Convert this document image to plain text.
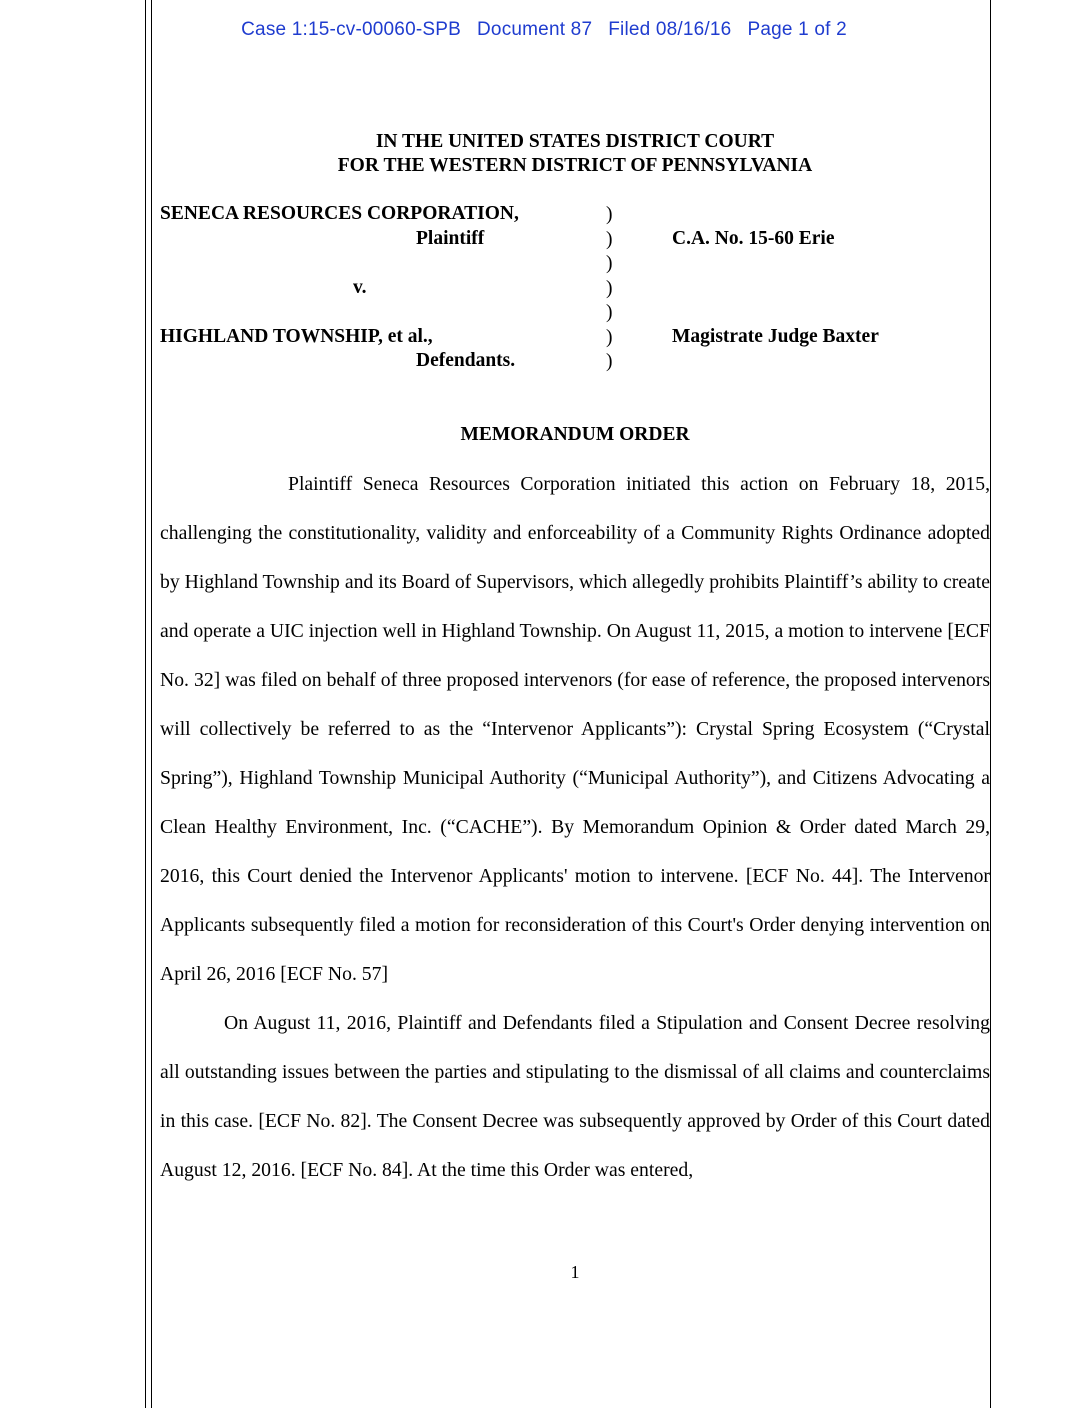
Case 1:15-cv-00060-SPB Document 87 Filed 08/16/16 Page 1 of 2
IN THE UNITED STATES DISTRICT COURT
FOR THE WESTERN DISTRICT OF PENNSYLVANIA
SENECA RESOURCES CORPORATION,
Plaintiff
v.
HIGHLAND TOWNSHIP, et al.,
Defendants.
)
)
)
)
)
)
)
C.A. No. 15-60 Erie
Magistrate Judge Baxter
MEMORANDUM ORDER

Plaintiff Seneca Resources Corporation initiated this action on February 18, 2015, challenging the constitutionality, validity and enforceability of a Community Rights Ordinance adopted by Highland Township and its Board of Supervisors, which allegedly prohibits Plaintiff’s ability to create and operate a UIC injection well in Highland Township. On August 11, 2015, a motion to intervene [ECF No. 32] was filed on behalf of three proposed intervenors (for ease of reference, the proposed intervenors will collectively be referred to as the “Intervenor Applicants”): Crystal Spring Ecosystem (“Crystal Spring”), Highland Township Municipal Authority (“Municipal Authority”), and Citizens Advocating a Clean Healthy Environment, Inc. (“CACHE”). By Memorandum Opinion & Order dated March 29, 2016, this Court denied the Intervenor Applicants' motion to intervene. [ECF No. 44]. The Intervenor Applicants subsequently filed a motion for reconsideration of this Court's Order denying intervention on April 26, 2016 [ECF No. 57]

On August 11, 2016, Plaintiff and Defendants filed a Stipulation and Consent Decree resolving all outstanding issues between the parties and stipulating to the dismissal of all claims and counterclaims in this case. [ECF No. 82]. The Consent Decree was subsequently approved by Order of this Court dated August 12, 2016. [ECF No. 84]. At the time this Order was entered,

1
